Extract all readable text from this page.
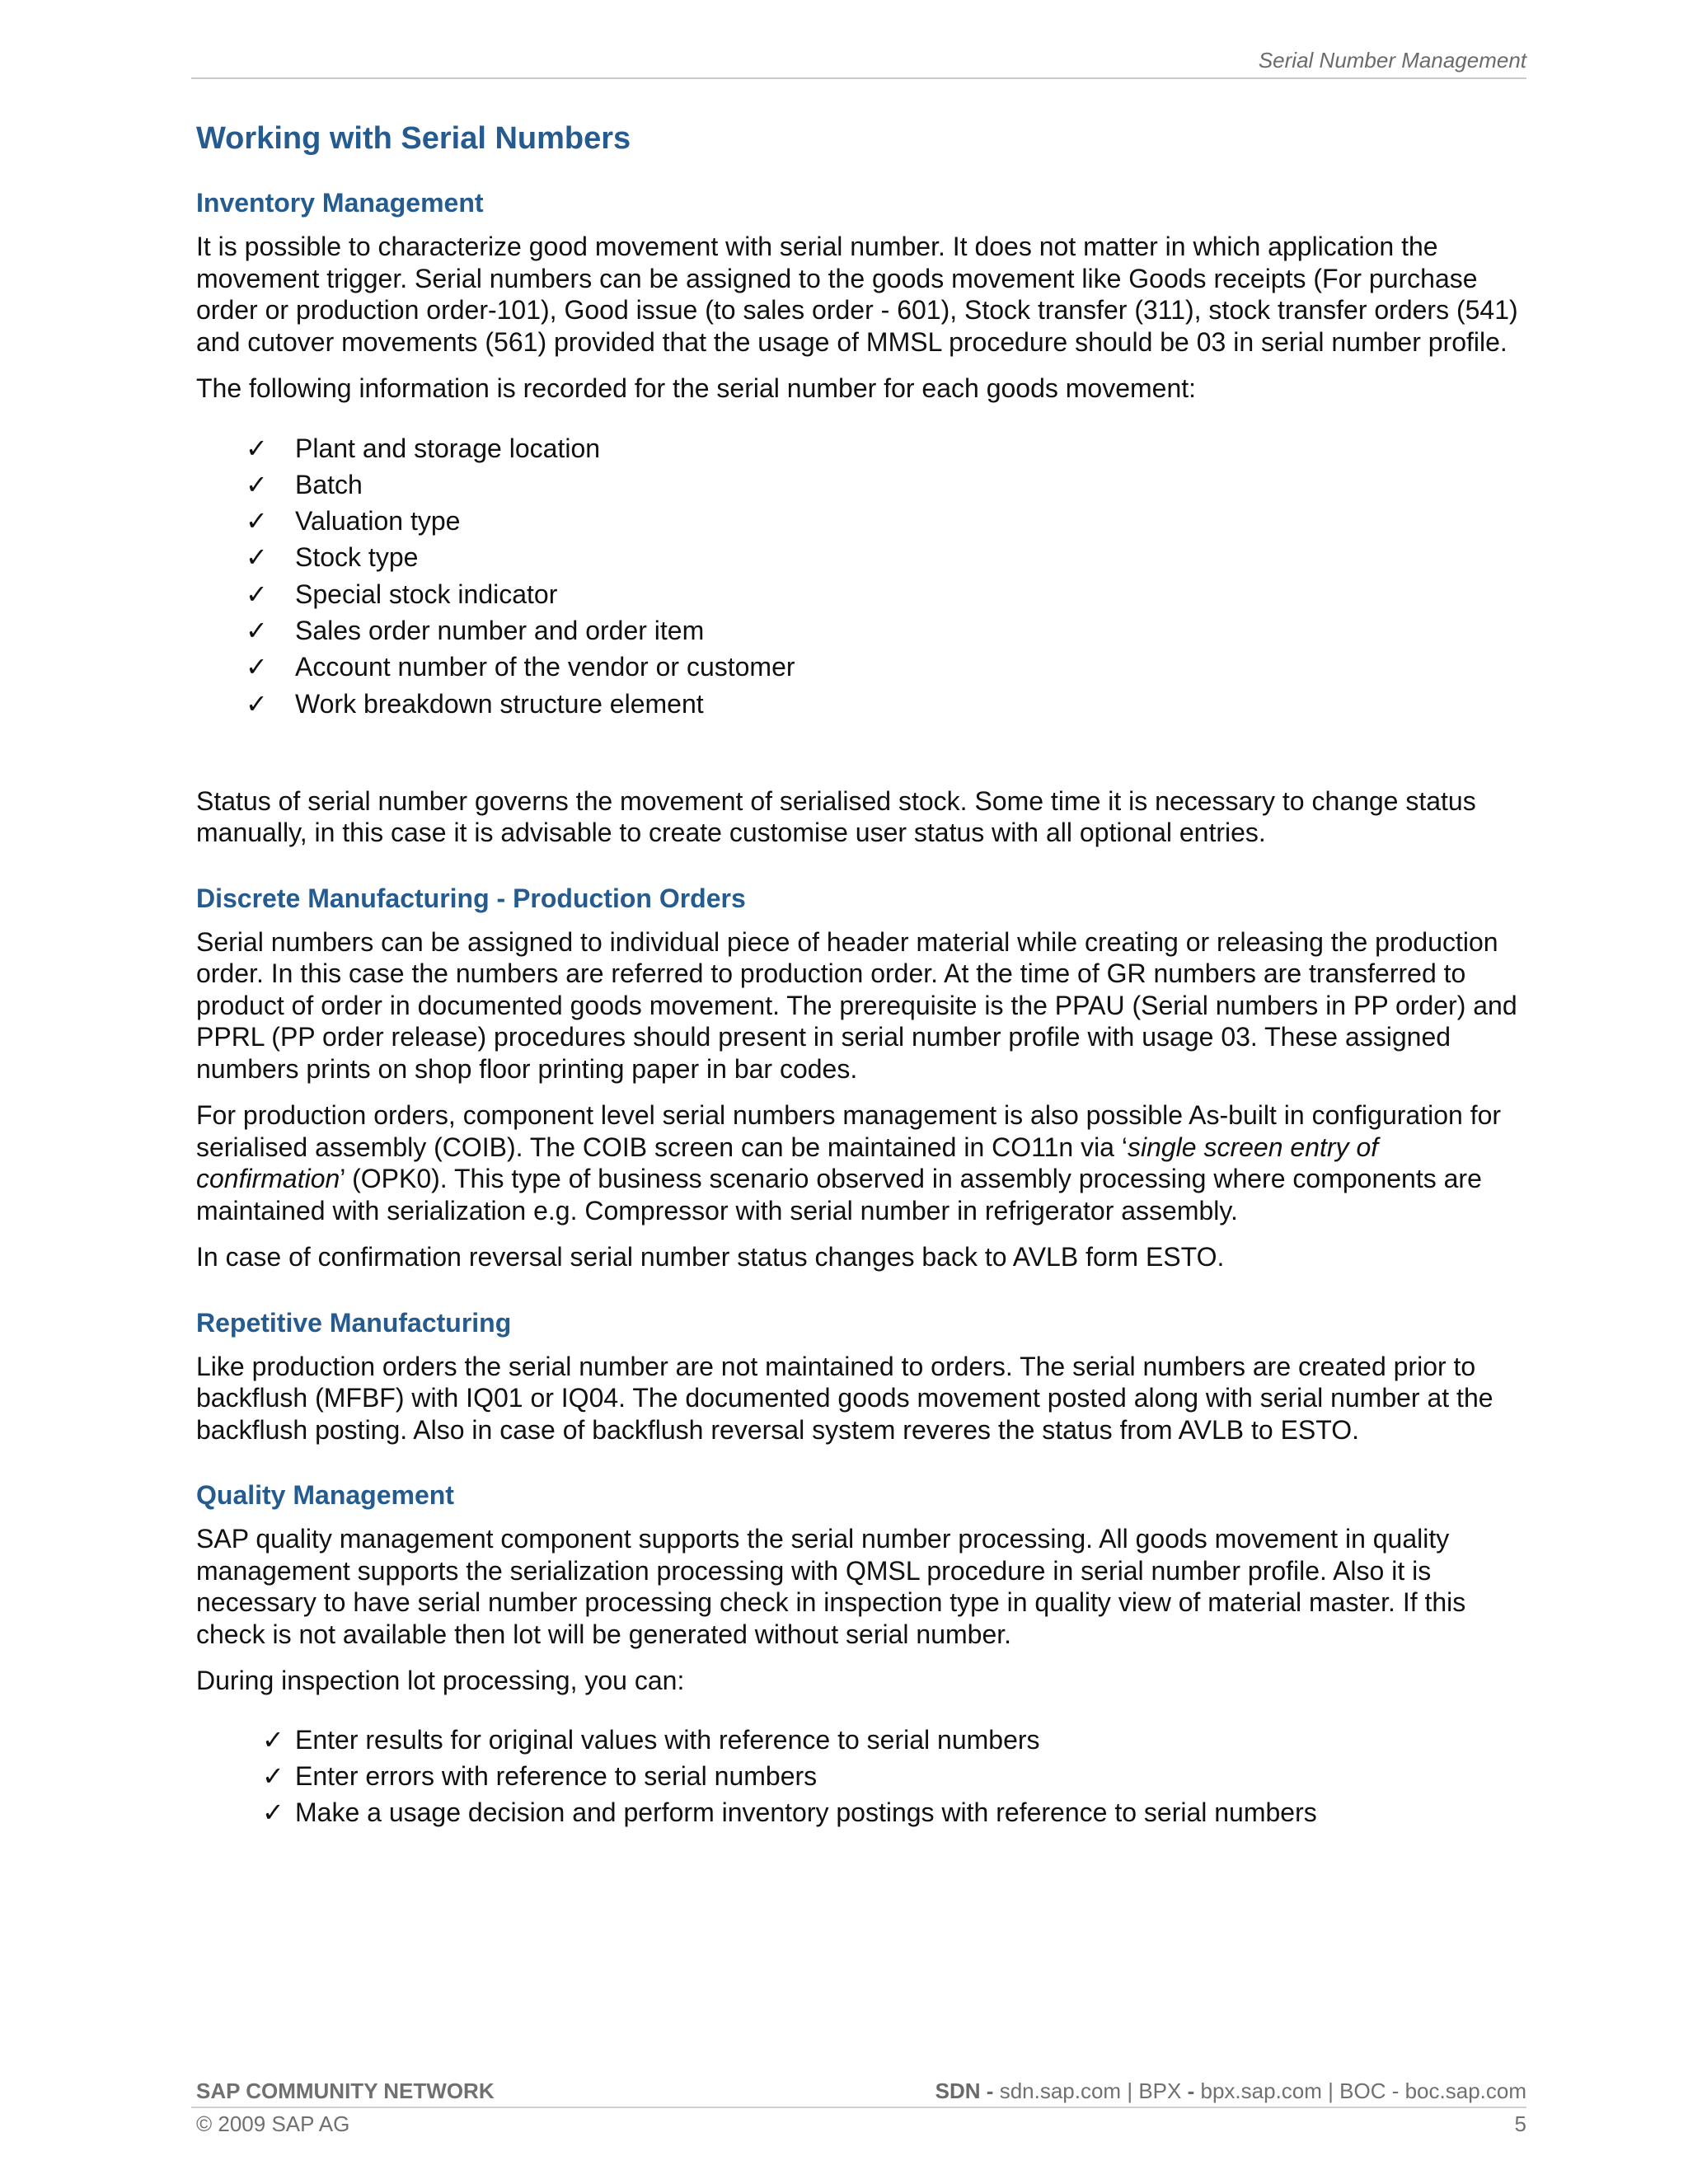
Serial Number Management
Working with Serial Numbers
Inventory Management

It is possible to characterize good movement with serial number. It does not matter in which application the movement trigger. Serial numbers can be assigned to the goods movement like Goods receipts (For purchase order or production order-101), Good issue (to sales order - 601), Stock transfer (311), stock transfer orders (541) and cutover movements (561) provided that the usage of MMSL procedure should be 03 in serial number profile.

The following information is recorded for the serial number for each goods movement:

✓ Plant and storage location
✓ Batch
✓ Valuation type
✓ Stock type
✓ Special stock indicator
✓ Sales order number and order item
✓ Account number of the vendor or customer
✓ Work breakdown structure element

Status of serial number governs the movement of serialised stock. Some time it is necessary to change status manually, in this case it is advisable to create customise user status with all optional entries.

Discrete Manufacturing - Production Orders

Serial numbers can be assigned to individual piece of header material while creating or releasing the production order. In this case the numbers are referred to production order. At the time of GR numbers are transferred to product of order in documented goods movement. The prerequisite is the PPAU (Serial numbers in PP order) and PPRL (PP order release) procedures should present in serial number profile with usage 03. These assigned numbers prints on shop floor printing paper in bar codes.

For production orders, component level serial numbers management is also possible As-built in configuration for serialised assembly (COIB). The COIB screen can be maintained in CO11n via ‘single screen entry of confirmation’ (OPK0). This type of business scenario observed in assembly processing where components are maintained with serialization e.g. Compressor with serial number in refrigerator assembly.

In case of confirmation reversal serial number status changes back to AVLB form ESTO.

Repetitive Manufacturing

Like production orders the serial number are not maintained to orders. The serial numbers are created prior to backflush (MFBF) with IQ01 or IQ04. The documented goods movement posted along with serial number at the backflush posting. Also in case of backflush reversal system reveres the status from AVLB to ESTO.

Quality Management

SAP quality management component supports the serial number processing. All goods movement in quality management supports the serialization processing with QMSL procedure in serial number profile. Also it is necessary to have serial number processing check in inspection type in quality view of material master. If this check is not available then lot will be generated without serial number.

During inspection lot processing, you can:

✓ Enter results for original values with reference to serial numbers
✓ Enter errors with reference to serial numbers
✓ Make a usage decision and perform inventory postings with reference to serial numbers
SAP COMMUNITY NETWORK	SDN - sdn.sap.com | BPX - bpx.sap.com | BOC - boc.sap.com
© 2009 SAP AG	5
